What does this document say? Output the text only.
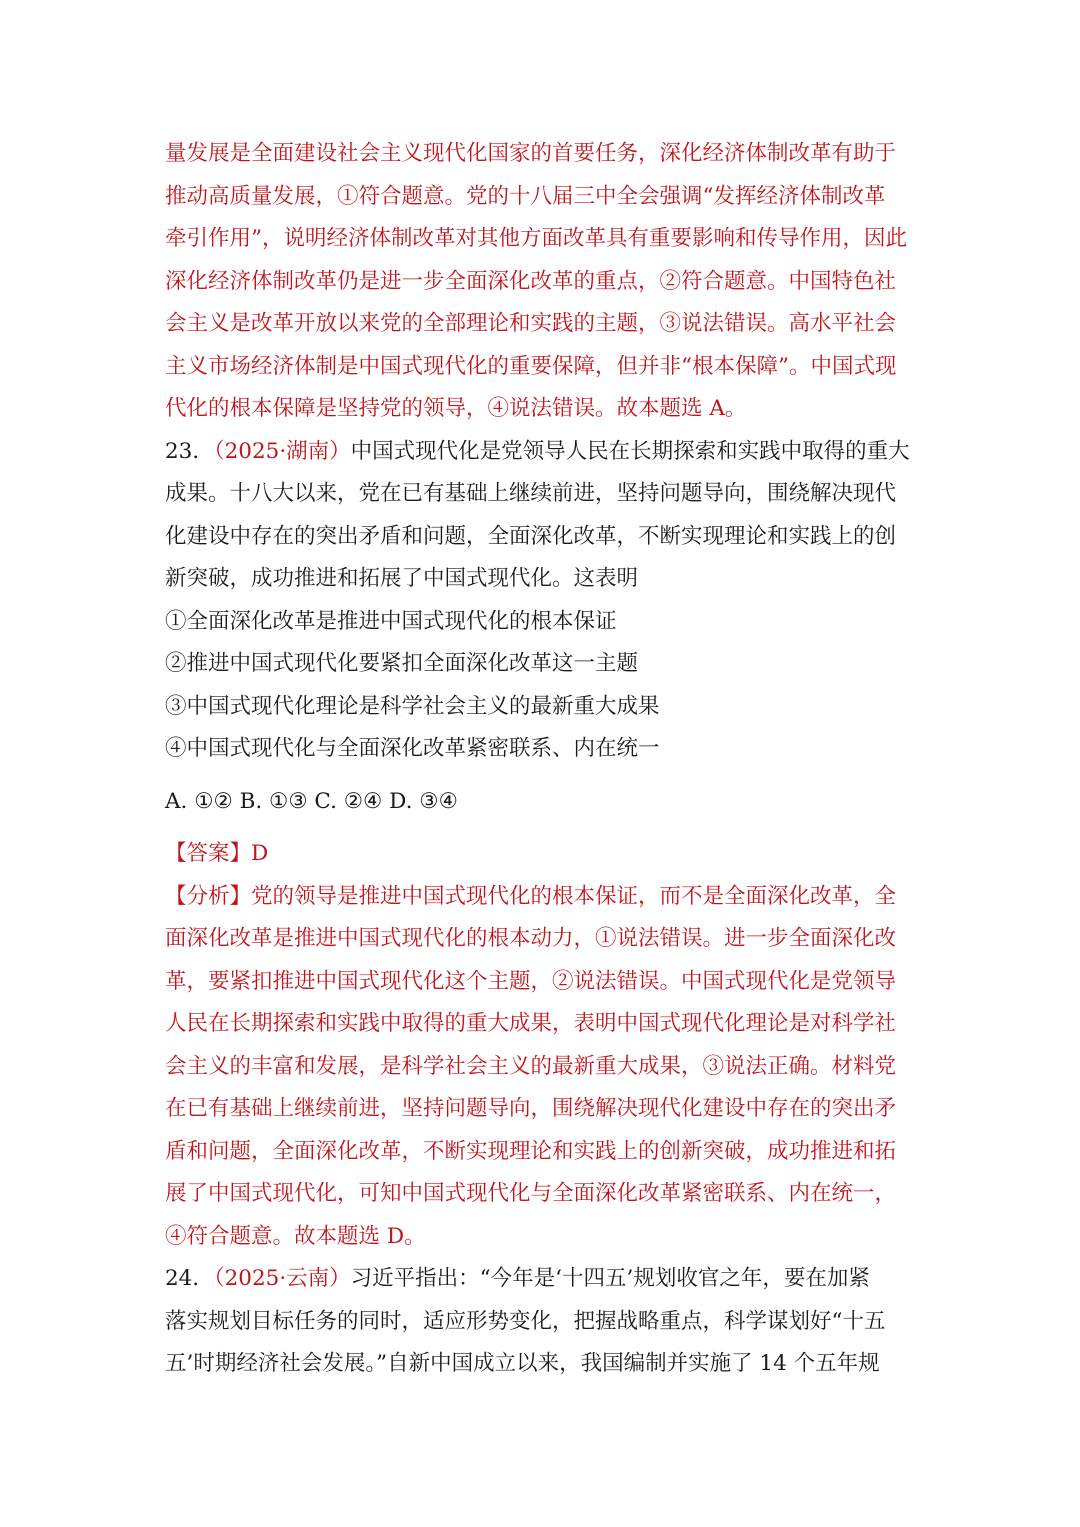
量发展是全面建设社会主义现代化国家的首要任务，深化经济体制改革有助于
推动高质量发展，①符合题意。党的十八届三中全会强调“发挥经济体制改革
牵引作用”，说明经济体制改革对其他方面改革具有重要影响和传导作用，因此
深化经济体制改革仍是进一步全面深化改革的重点，②符合题意。中国特色社
会主义是改革开放以来党的全部理论和实践的主题，③说法错误。高水平社会
主义市场经济体制是中国式现代化的重要保障，但并非“根本保障”。中国式现
代化的根本保障是坚持党的领导，④说法错误。故本题选 A。
23．（2025·湖南）中国式现代化是党领导人民在长期探索和实践中取得的重大
成果。十八大以来，党在已有基础上继续前进，坚持问题导向，围绕解决现代
化建设中存在的突出矛盾和问题，全面深化改革，不断实现理论和实践上的创
新突破，成功推进和拓展了中国式现代化。这表明
①全面深化改革是推进中国式现代化的根本保证
②推进中国式现代化要紧扣全面深化改革这一主题
③中国式现代化理论是科学社会主义的最新重大成果
④中国式现代化与全面深化改革紧密联系、内在统一
A. ①② B. ①③ C. ②④ D. ③④
【答案】D
【分析】党的领导是推进中国式现代化的根本保证，而不是全面深化改革，全
面深化改革是推进中国式现代化的根本动力，①说法错误。进一步全面深化改
革，要紧扣推进中国式现代化这个主题，②说法错误。中国式现代化是党领导
人民在长期探索和实践中取得的重大成果，表明中国式现代化理论是对科学社
会主义的丰富和发展，是科学社会主义的最新重大成果，③说法正确。材料党
在已有基础上继续前进，坚持问题导向，围绕解决现代化建设中存在的突出矛
盾和问题，全面深化改革，不断实现理论和实践上的创新突破，成功推进和拓
展了中国式现代化，可知中国式现代化与全面深化改革紧密联系、内在统一，
④符合题意。故本题选 D。
24．（2025·云南）习近平指出：“今年是‘十四五’规划收官之年，要在加紧
落实规划目标任务的同时，适应形势变化，把握战略重点，科学谋划好“十五
五’时期经济社会发展。”自新中国成立以来，我国编制并实施了 14 个五年规
